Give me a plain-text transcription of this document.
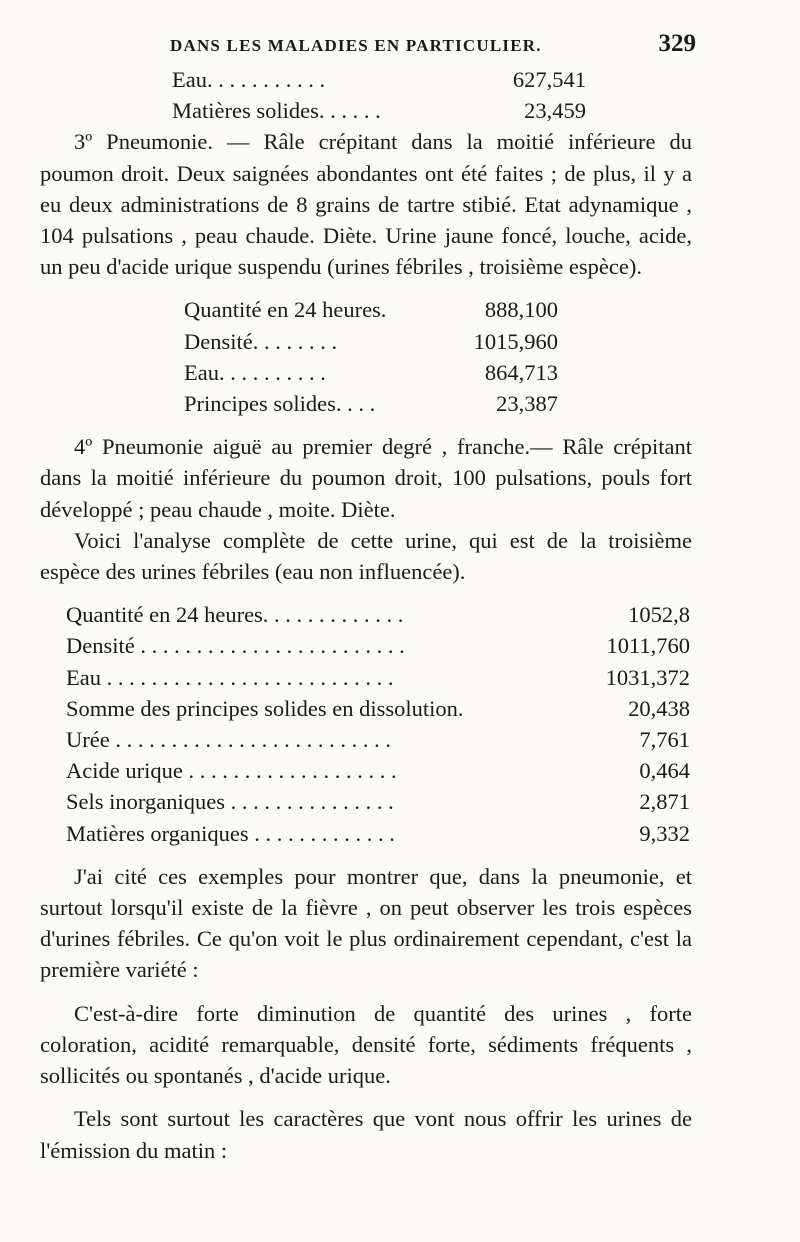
DANS LES MALADIES EN PARTICULIER.	329
Eau. . . . . . . . . . .	627,541
Matières solides. . . . . .	23,459

3º Pneumonie. — Râle crépitant dans la moitié inférieure du poumon droit. Deux saignées abondantes ont été faites ; de plus, il y a eu deux administrations de 8 grains de tartre stibié. Etat adynamique , 104 pulsations , peau chaude. Diète. Urine jaune foncé, louche, acide, un peu d'acide urique suspendu (urines fébriles , troisième espèce).

Quantité en 24 heures.	888,100
Densité. . . . . . . .	1015,960
Eau. . . . . . . . . .	864,713
Principes solides. . . .	23,387

4º Pneumonie aiguë au premier degré , franche.— Râle crépitant dans la moitié inférieure du poumon droit, 100 pulsations, pouls fort développé ; peau chaude , moite. Diète.

Voici l'analyse complète de cette urine, qui est de la troisième espèce des urines fébriles (eau non influencée).

Quantité en 24 heures. . . . . . . . . . . . .	1052,8
Densité . . . . . . . . . . . . . . . . . . . . . . . .	1011,760
Eau . . . . . . . . . . . . . . . . . . . . . . . . . .	1031,372
Somme des principes solides en dissolution.	20,438
Urée . . . . . . . . . . . . . . . . . . . . . . . . .	7,761
Acide urique . . . . . . . . . . . . . . . . . . .	0,464
Sels inorganiques . . . . . . . . . . . . . . .	2,871
Matières organiques . . . . . . . . . . . . .	9,332

J'ai cité ces exemples pour montrer que, dans la pneumonie, et surtout lorsqu'il existe de la fièvre , on peut observer les trois espèces d'urines fébriles. Ce qu'on voit le plus ordinairement cependant, c'est la première variété :

C'est-à-dire forte diminution de quantité des urines , forte coloration, acidité remarquable, densité forte, sédiments fréquents , sollicités ou spontanés , d'acide urique.

Tels sont surtout les caractères que vont nous offrir les urines de l'émission du matin :
